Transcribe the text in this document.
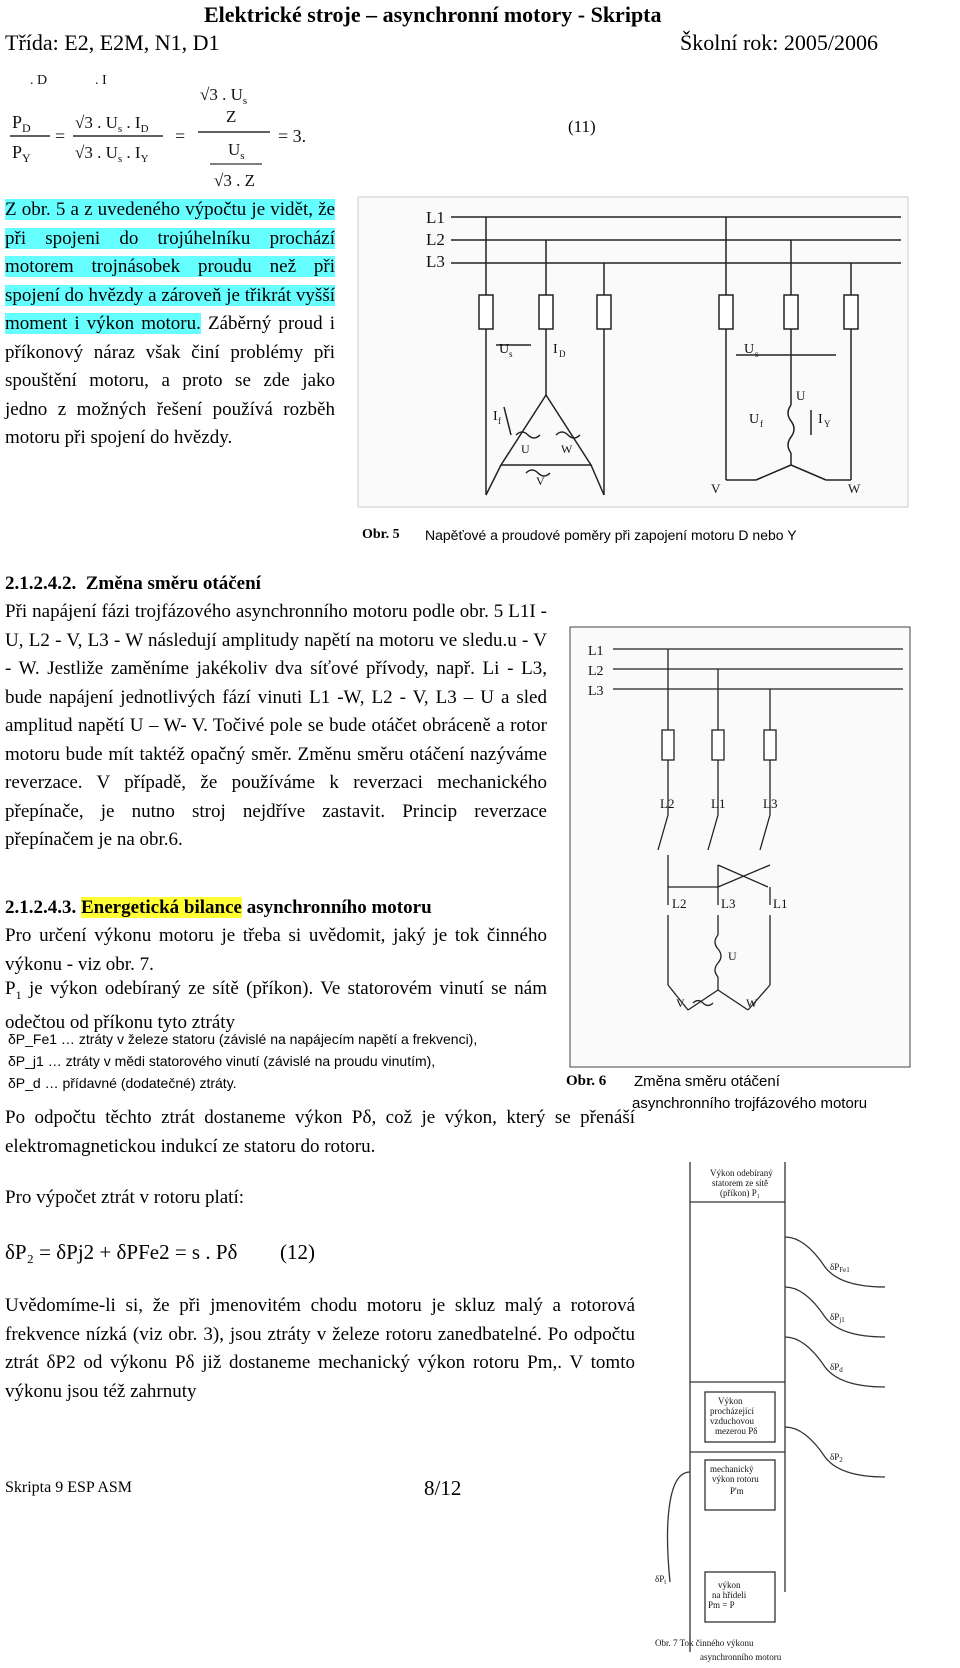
Elektrické stroje – asynchronní motory - Skripta
Třída: E2, E2M, N1, D1	Školní rok: 2005/2006
. D	. I
√3 . $U_s$
$P_D$
$P_Y$
=
√3 . $U_s$ . $I_D$
√3 . $U_s$ . $I_Y$
=
Z
$U_s$
√3 . Z
= 3.	(11)
Z obr. 5 a z uvedeného výpočtu je vidět, že při spojeni do trojúhelníku prochází motorem trojnásobek proudu než při spojení do hvězdy a zároveň je třikrát vyšší moment i výkon motoru. Záběrný proud i příkonový náraz však činí problémy při spouštění motoru, a proto se zde jako jedno z možných řešení používá rozběh motoru při spojení do hvězdy.
L1
L2
L3
U s	I D
I f
U	W
V
U s
U
U f	I Y
V	W
Obr. 5 Napěťové a proudové poměry při zapojení motoru D nebo Y
2.1.2.4.2. Změna směru otáčení
Při napájení fázi trojfázového asynchronního motoru podle obr. 5 L1I - U, L2 - V, L3 - W následují amplitudy napětí na motoru ve sledu.u - V - W. Jestliže zaměníme jakékoliv dva síťové přívody, např. Li - L3, bude napájení jednotlivých fází vinuti L1 -W, L2 - V, L3 – U a sled amplitud napětí U – W- V. Točivé pole se bude otáčet obráceně a rotor motoru bude mít taktéž opačný směr. Změnu směru otáčení nazýváme reverzace. V případě, že používáme k reverzaci mechanického přepínače, je nutno stroj nejdříve zastavit. Princip reverzace přepínačem je na obr.6.
L1
L2
L3
L2	L1	L3
L2	L3	L1
U
V	W
Obr. 6 Změna směru otáčení
asynchronního trojfázového motoru
2.1.2.4.3. Energetická bilance asynchronního motoru
Pro určení výkonu motoru je třeba si uvědomit, jaký je tok činného výkonu - viz obr. 7.
$P_1$ je výkon odebíraný ze sítě (příkon). Ve statorovém vinutí se nám odečtou od příkonu tyto ztráty
δP_Fe1 … ztráty v železe statoru (závislé na napájecím napětí a frekvenci),
δP_j1 … ztráty v mědi statorového vinutí (závislé na proudu vinutím),
δP_d … přídavné (dodatečné) ztráty.
Po odpočtu těchto ztrát dostaneme výkon Pδ, což je výkon, který se přenáší elektromagnetickou indukcí ze statoru do rotoru.
Pro výpočet ztrát v rotoru platí:
δP₂ = δPj2 + δPFe2 = s . Pδ (12)
Uvědomíme-li si, že při jmenovitém chodu motoru je skluz malý a rotorová frekvence nízká (viz obr. 3), jsou ztráty v železe rotoru zanedbatelné. Po odpočtu ztrát δP2 od výkonu Pδ již dostaneme mechanický výkon rotoru Pm,. V tomto výkonu jsou též zahrnuty
Výkon odebíraný
statorem ze sítě
(příkon) P₁
$\delta P_{Fe1}$
$\delta P_{j1}$
$\delta P_d$
Výkon
procházející
vzduchovou
mezerou Pδ
$\delta P_2$
mechanický
výkon rotoru
P'm
$\delta P_t$	výkon
na hřídeli
Pm = P
Obr. 7 Tok činného výkonu
asynchronního motoru
Skripta 9 ESP ASM	8/12
